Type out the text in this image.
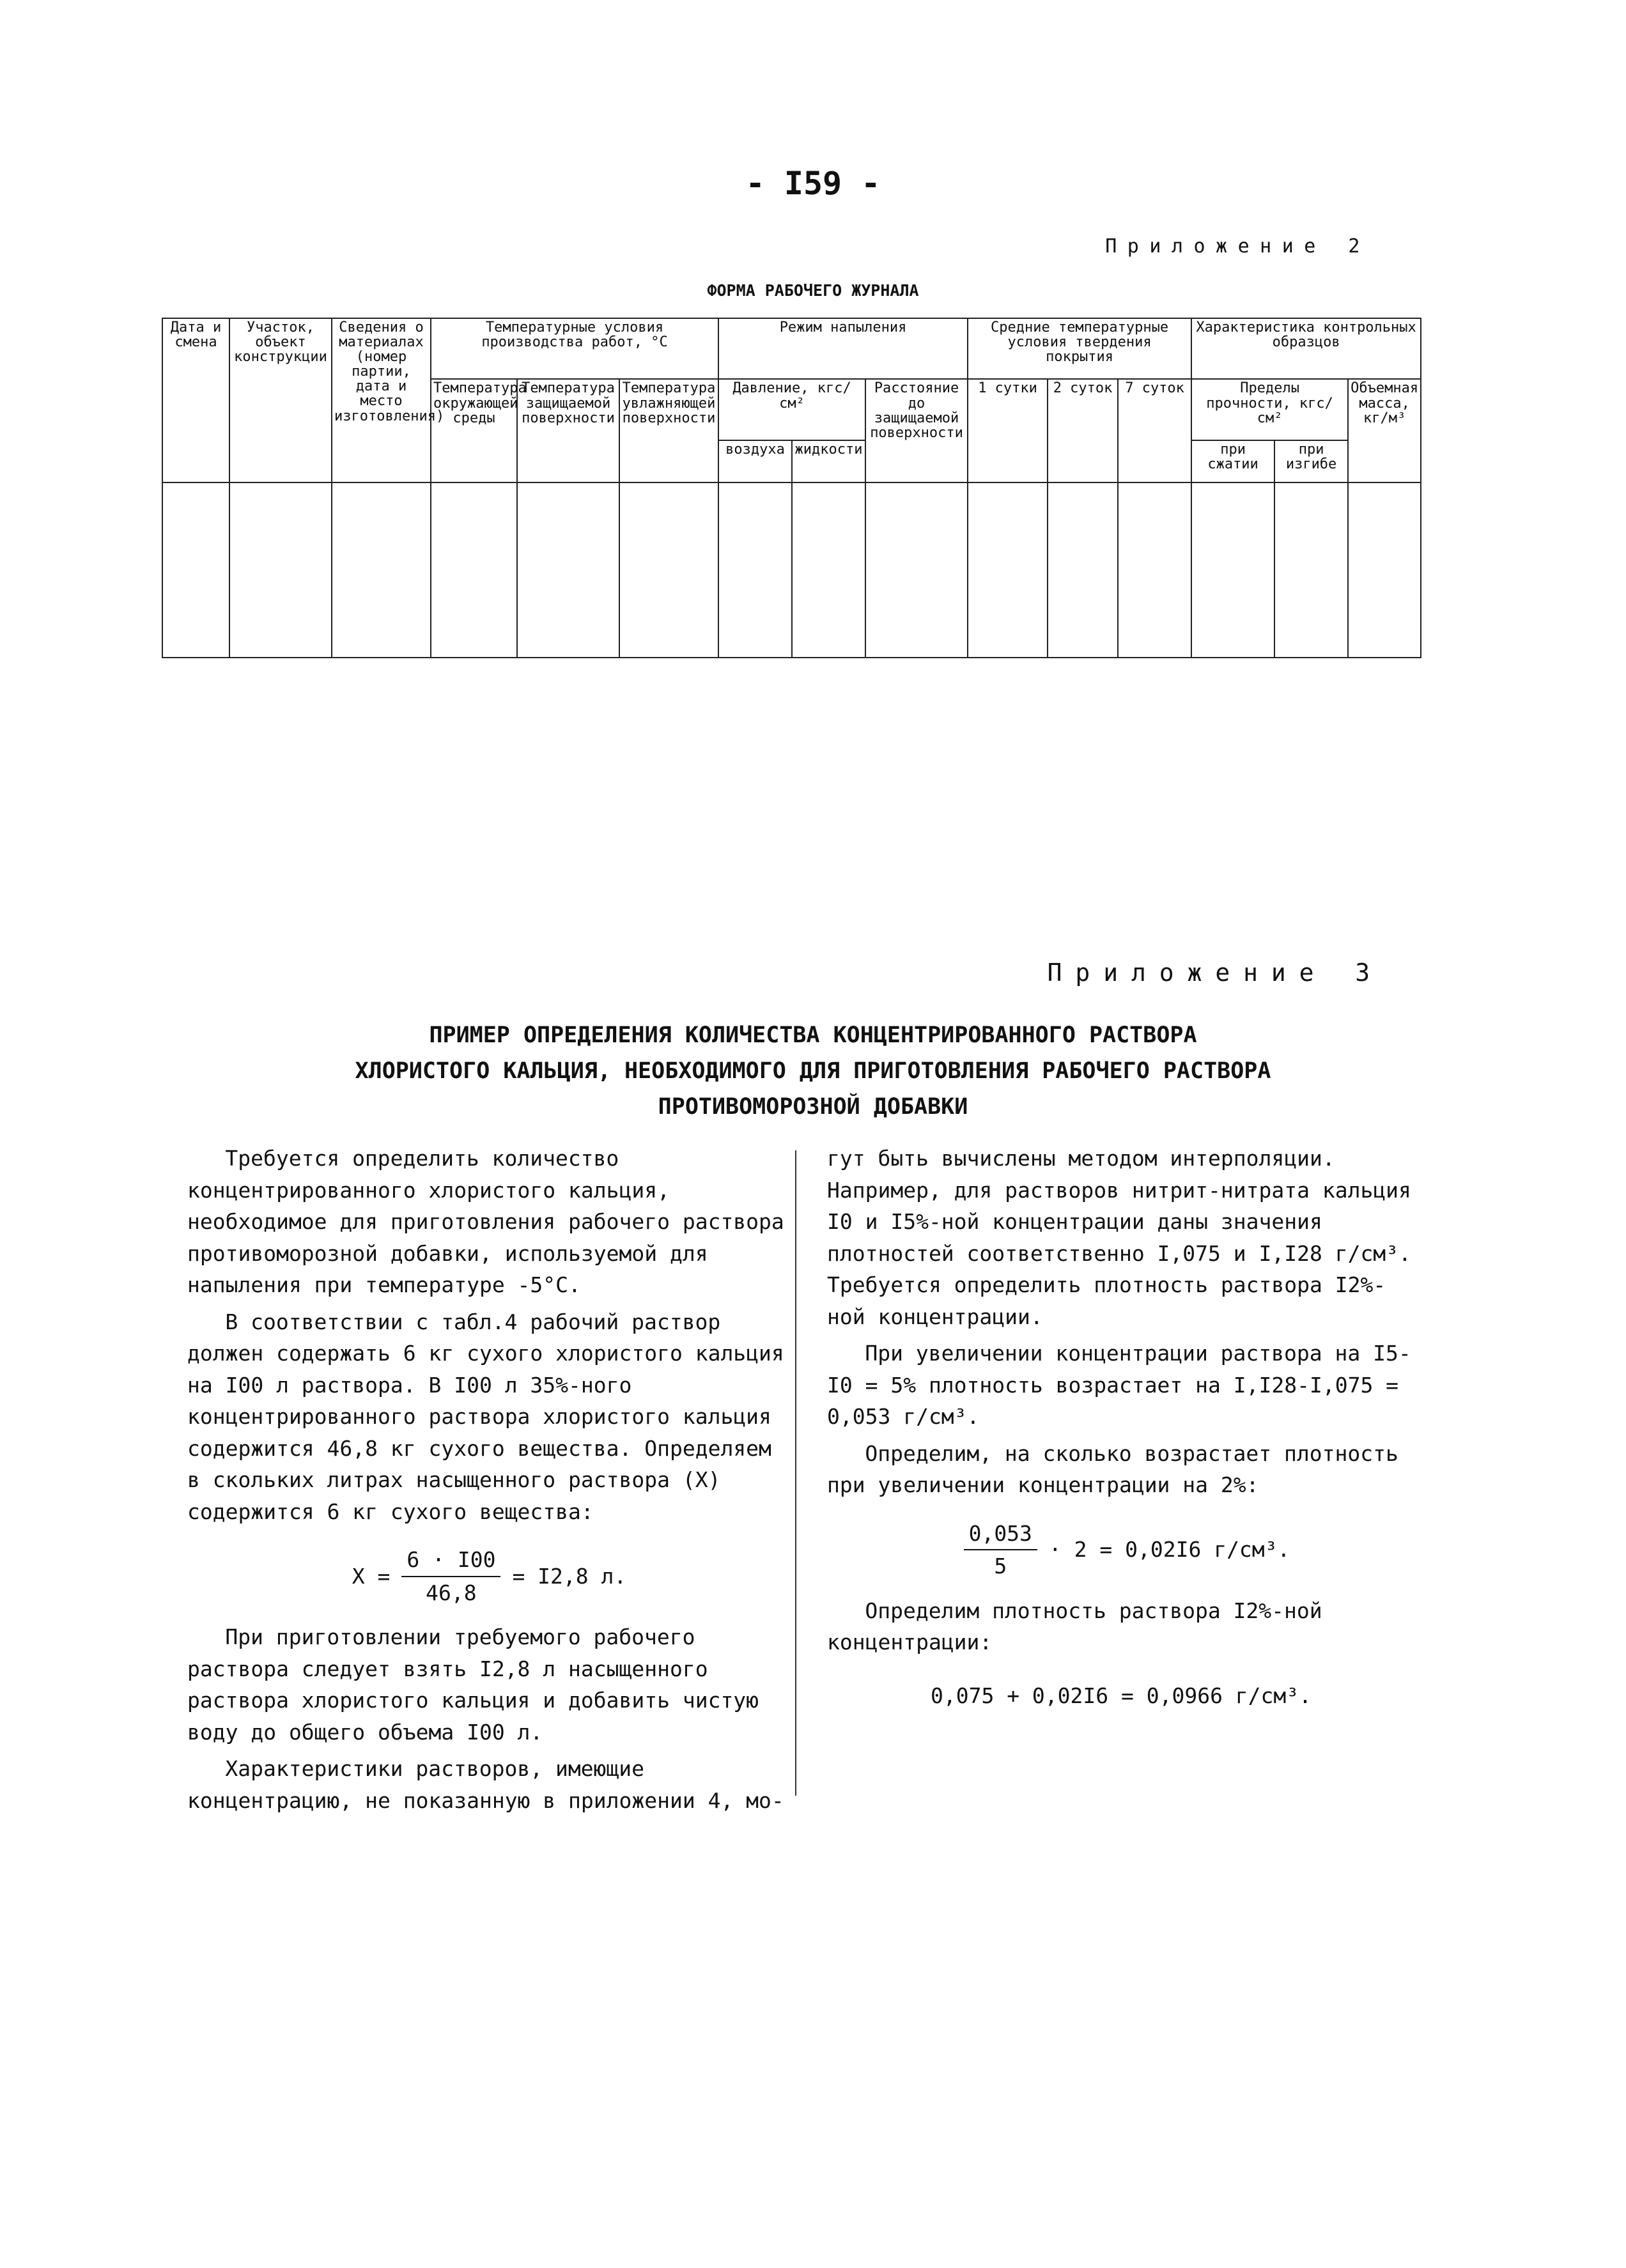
- I59 -
Приложение 2
ФОРМА РАБОЧЕГО ЖУРНАЛА
Дата и смена	Участок, объект конструкции	Сведения о материалах (номер партии, дата и место изготовления)	Температурные условия производства работ, °С			Режим напыления			Средние температурные условия твердения покрытия			Характеристика контрольных образцов		
			Температура окружающей среды	Температура защищаемой поверхности	Температура увлажняющей поверхности	Давление, кгс/см²		Расстояние до защищаемой поверхности	1 сутки	2 суток	7 суток	Пределы прочности, кгс/см²		Объемная масса, кг/м³
						воздуха	жидкости					при сжатии	при изгибе	

Приложение 3
ПРИМЕР ОПРЕДЕЛЕНИЯ КОЛИЧЕСТВА КОНЦЕНТРИРОВАННОГО РАСТВОРА
ХЛОРИСТОГО КАЛЬЦИЯ, НЕОБХОДИМОГО ДЛЯ ПРИГОТОВЛЕНИЯ РАБОЧЕГО РАСТВОРА
ПРОТИВОМОРОЗНОЙ ДОБАВКИ

Требуется определить количество концентрированного хлористого кальция, необходимое для приготовления рабочего раствора противоморозной добавки, используемой для напыления при температуре -5°С.

В соответствии с табл.4 рабочий раствор должен содержать 6 кг сухого хлористого кальция на I00 л раствора. В I00 л 35%-ного концентрированного раствора хлористого кальция содержится 46,8 кг сухого вещества. Определяем в скольких литрах насыщенного раствора (X) содержится 6 кг сухого вещества:

$X = \frac{6 \cdot I00}{46,8} = I2,8$ л.

При приготовлении требуемого рабочего раствора следует взять I2,8 л насыщенного раствора хлористого кальция и добавить чистую воду до общего объема I00 л.

Характеристики растворов, имеющие концентрацию, не показанную в приложении 4, мо-

гут быть вычислены методом интерполяции. Например, для растворов нитрит-нитрата кальция I0 и I5%-ной концентрации даны значения плотностей соответственно I,075 и I,I28 г/см³. Требуется определить плотность раствора I2%-ной концентрации.

При увеличении концентрации раствора на I5-I0 = 5% плотность возрастает на I,I28-I,075 = 0,053 г/см³.

Определим, на сколько возрастает плотность при увеличении концентрации на 2%:

$\frac{0,053}{5} \cdot 2 = 0,02I6$ г/см³.

Определим плотность раствора I2%-ной концентрации:

0,075 + 0,02I6 = 0,0966 г/см³.
